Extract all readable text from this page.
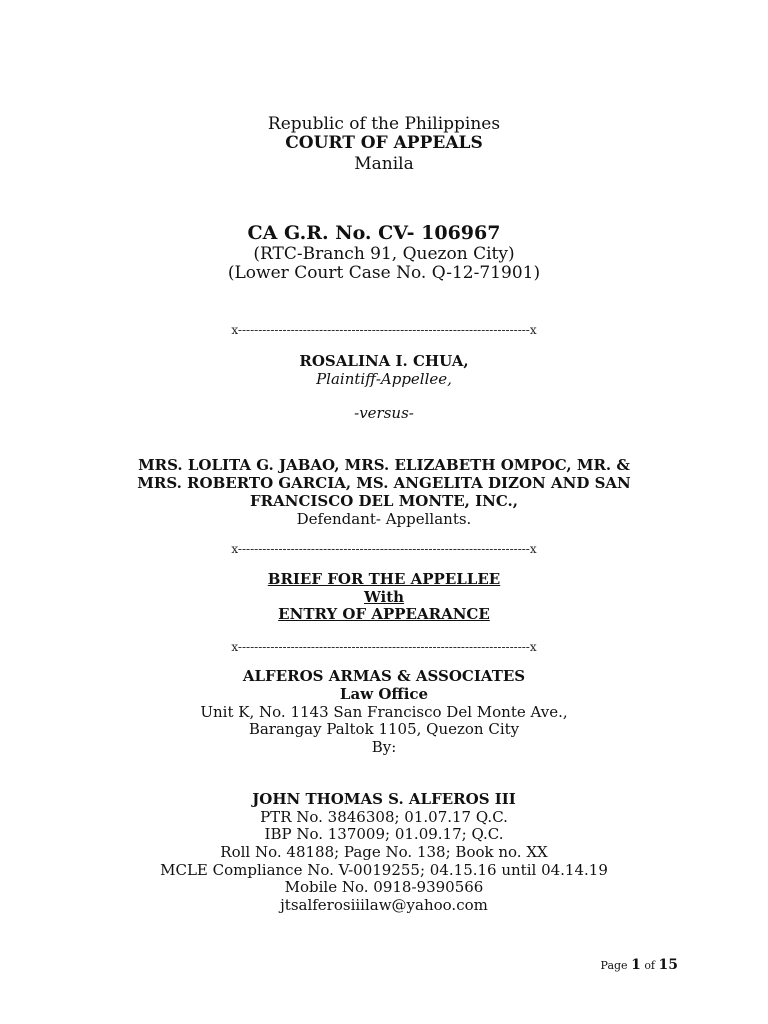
Republic of the Philippines
COURT OF APPEALS
Manila
CA G.R. No. CV- 106967
(RTC-Branch 91, Quezon City)
(Lower Court Case No. Q-12-71901)
x------------------------------------------------------------------------x
ROSALINA I. CHUA,
Plaintiff-Appellee,
-versus-
MRS. LOLITA G. JABAO, MRS. ELIZABETH OMPOC, MR. &
MRS. ROBERTO GARCIA, MS. ANGELITA DIZON AND SAN
FRANCISCO DEL MONTE, INC.,
Defendant- Appellants.
x------------------------------------------------------------------------x
BRIEF FOR THE APPELLEE
With
ENTRY OF APPEARANCE
x------------------------------------------------------------------------x
ALFEROS ARMAS & ASSOCIATES
Law Office
Unit K, No. 1143 San Francisco Del Monte Ave.,
Barangay Paltok 1105, Quezon City
By:
JOHN THOMAS S. ALFEROS III
PTR No. 3846308; 01.07.17 Q.C.
IBP No. 137009; 01.09.17; Q.C.
Roll No. 48188; Page No. 138; Book no. XX
MCLE Compliance No. V-0019255; 04.15.16 until 04.14.19
Mobile No. 0918-9390566
jtsalferosiiilaw@yahoo.com
Page 1 of 15
